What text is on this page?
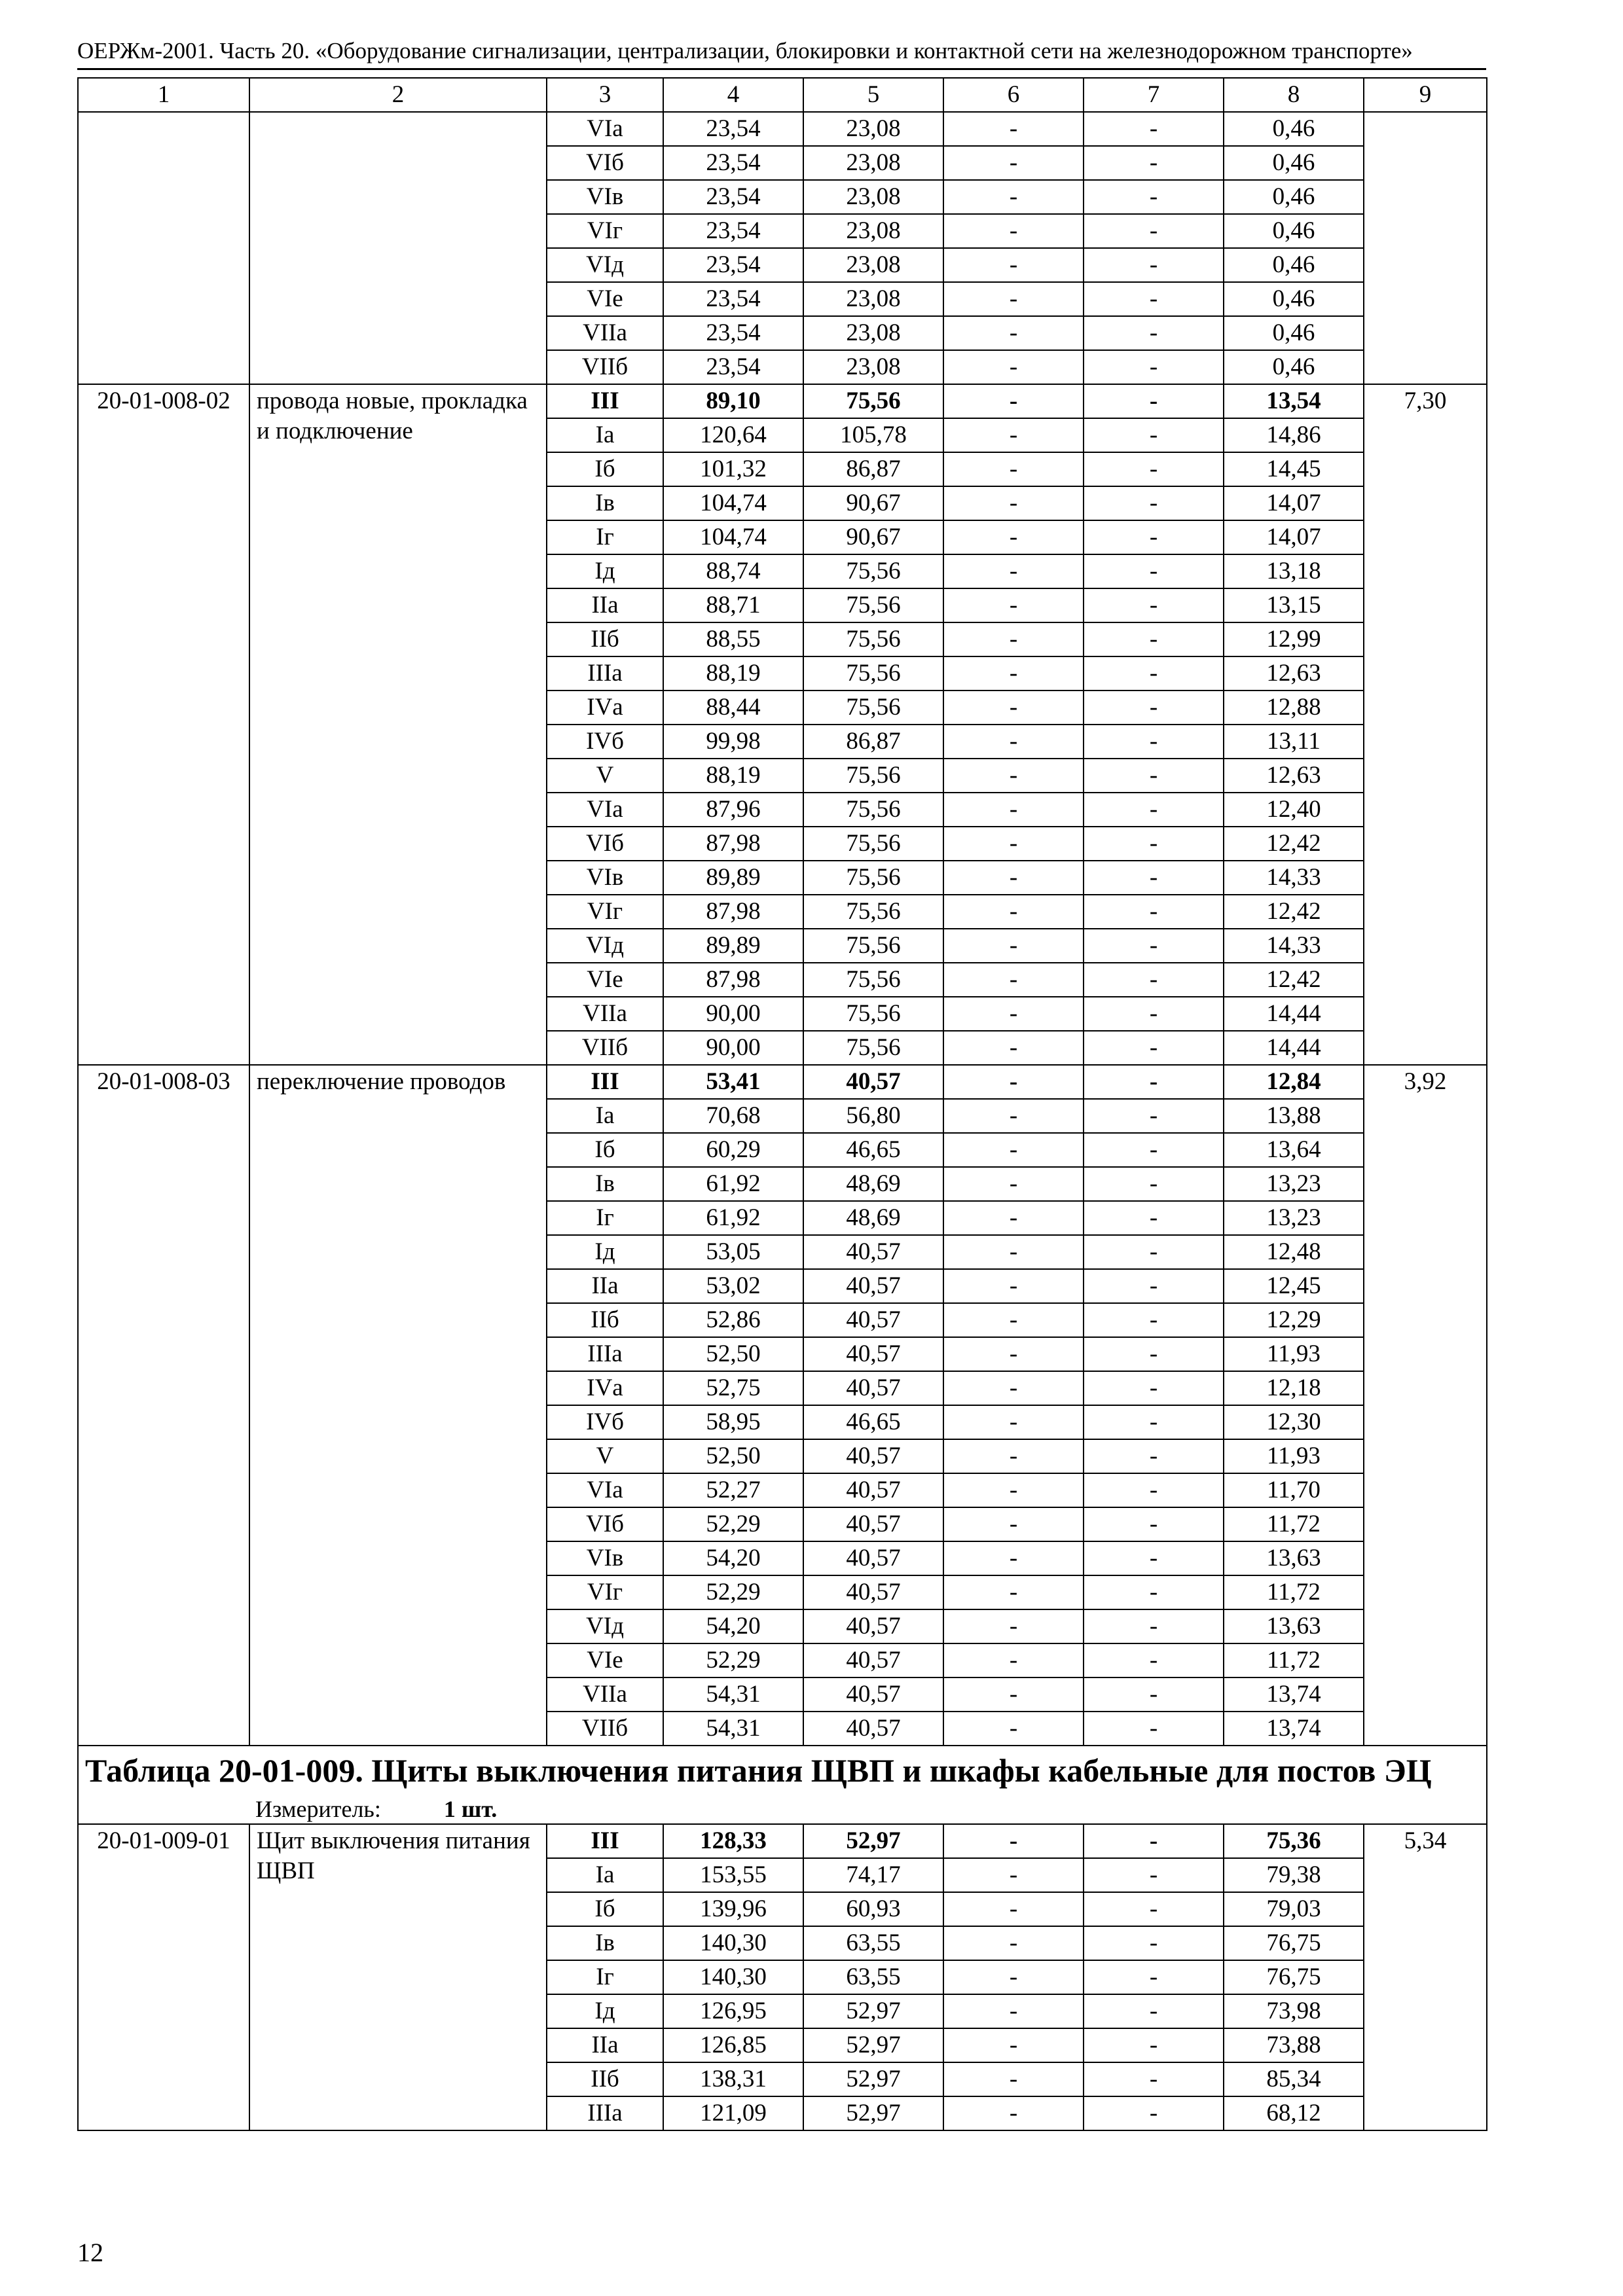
ОЕРЖм-2001. Часть 20. «Оборудование сигнализации, централизации, блокировки и контактной сети на железнодорожном транспорте»
1	2	3	4	5	6	7	8	9
		VIа	23,54	23,08	-	-	0,46	
		VIб	23,54	23,08	-	-	0,46	
		VIв	23,54	23,08	-	-	0,46	
		VIг	23,54	23,08	-	-	0,46	
		VIд	23,54	23,08	-	-	0,46	
		VIе	23,54	23,08	-	-	0,46	
		VIIа	23,54	23,08	-	-	0,46	
		VIIб	23,54	23,08	-	-	0,46	
20-01-008-02	провода новые, прокладка и подключение	III	89,10	75,56	-	-	13,54	7,30
		Iа	120,64	105,78	-	-	14,86	
		Iб	101,32	86,87	-	-	14,45	
		Iв	104,74	90,67	-	-	14,07	
		Iг	104,74	90,67	-	-	14,07	
		Iд	88,74	75,56	-	-	13,18	
		IIа	88,71	75,56	-	-	13,15	
		IIб	88,55	75,56	-	-	12,99	
		IIIа	88,19	75,56	-	-	12,63	
		IVа	88,44	75,56	-	-	12,88	
		IVб	99,98	86,87	-	-	13,11	
		V	88,19	75,56	-	-	12,63	
		VIа	87,96	75,56	-	-	12,40	
		VIб	87,98	75,56	-	-	12,42	
		VIв	89,89	75,56	-	-	14,33	
		VIг	87,98	75,56	-	-	12,42	
		VIд	89,89	75,56	-	-	14,33	
		VIе	87,98	75,56	-	-	12,42	
		VIIа	90,00	75,56	-	-	14,44	
		VIIб	90,00	75,56	-	-	14,44	
20-01-008-03	переключение проводов	III	53,41	40,57	-	-	12,84	3,92
		Iа	70,68	56,80	-	-	13,88	
		Iб	60,29	46,65	-	-	13,64	
		Iв	61,92	48,69	-	-	13,23	
		Iг	61,92	48,69	-	-	13,23	
		Iд	53,05	40,57	-	-	12,48	
		IIа	53,02	40,57	-	-	12,45	
		IIб	52,86	40,57	-	-	12,29	
		IIIа	52,50	40,57	-	-	11,93	
		IVа	52,75	40,57	-	-	12,18	
		IVб	58,95	46,65	-	-	12,30	
		V	52,50	40,57	-	-	11,93	
		VIа	52,27	40,57	-	-	11,70	
		VIб	52,29	40,57	-	-	11,72	
		VIв	54,20	40,57	-	-	13,63	
		VIг	52,29	40,57	-	-	11,72	
		VIд	54,20	40,57	-	-	13,63	
		VIе	52,29	40,57	-	-	11,72	
		VIIа	54,31	40,57	-	-	13,74	
		VIIб	54,31	40,57	-	-	13,74	
Таблица 20-01-009. Щиты выключения питания ЩВП и шкафы кабельные для постов ЭЦ								
Измеритель: 1 шт.								
20-01-009-01	Щит выключения питания ЩВП	III	128,33	52,97	-	-	75,36	5,34
		Iа	153,55	74,17	-	-	79,38	
		Iб	139,96	60,93	-	-	79,03	
		Iв	140,30	63,55	-	-	76,75	
		Iг	140,30	63,55	-	-	76,75	
		Iд	126,95	52,97	-	-	73,98	
		IIа	126,85	52,97	-	-	73,88	
		IIб	138,31	52,97	-	-	85,34	
		IIIа	121,09	52,97	-	-	68,12	
12
